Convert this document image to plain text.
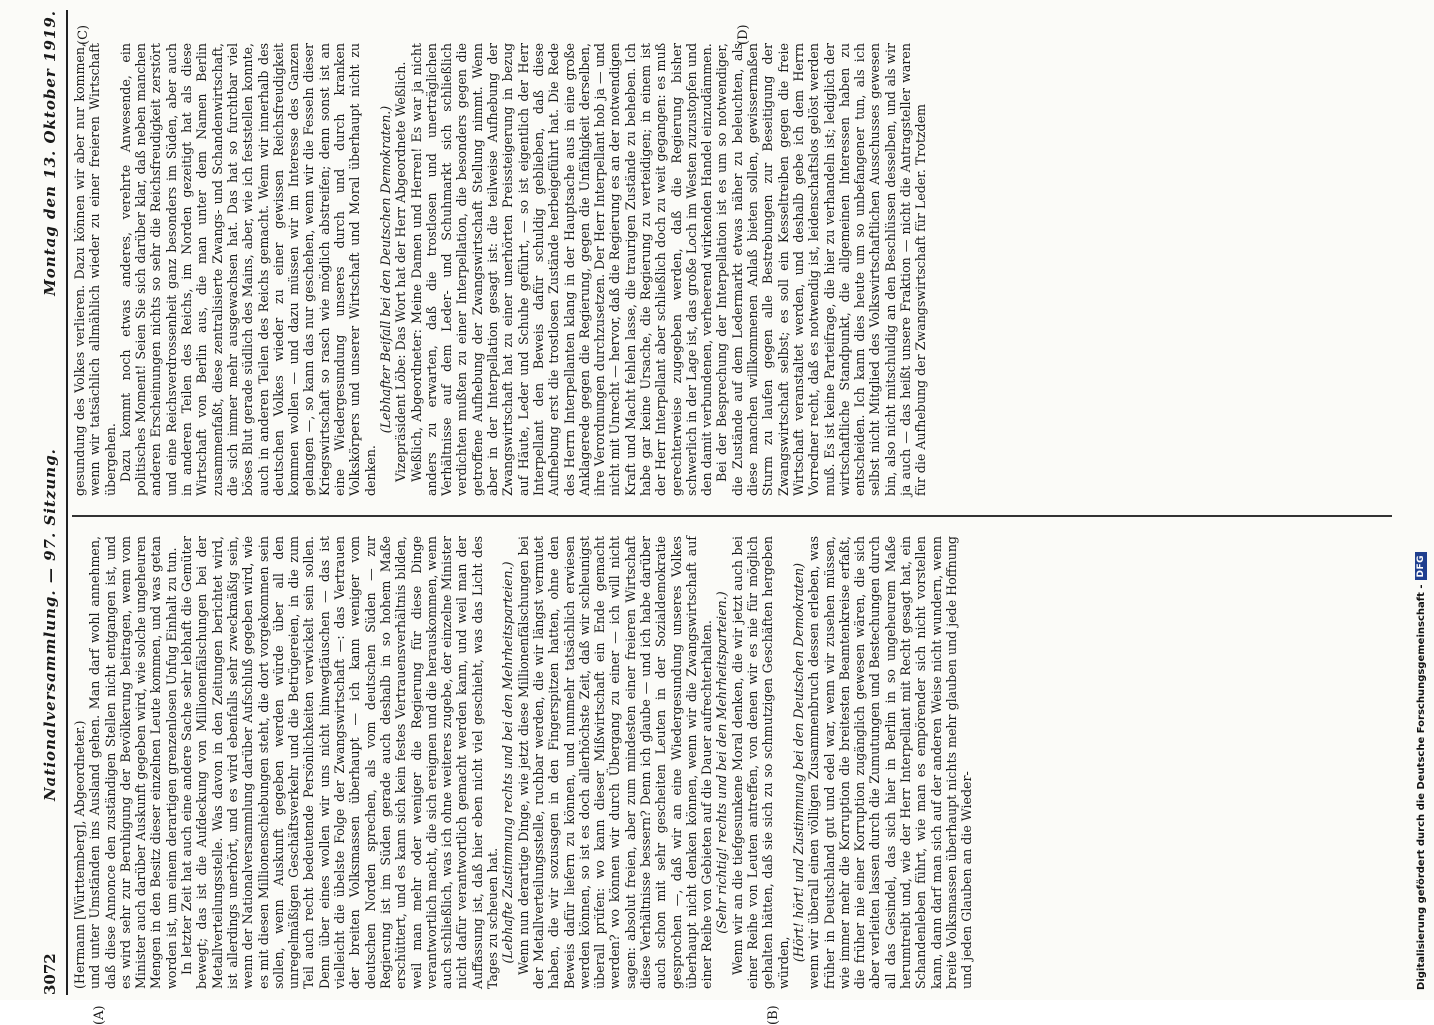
3072
Nationalversammlung. — 97. Sitzung.
Montag den 13. Oktober 1919.

(Hermann [Württemberg], Abgeordneter.) und unter Umständen ins Ausland gehen. Man darf wohl annehmen, daß diese Annonce den zuständigen Stellen nicht entgangen ist, und es wird sehr zur Beruhigung der Bevölkerung beitragen, wenn vom Minister auch darüber Auskunft gegeben wird, wie solche ungeheuren Mengen in den Besitz dieser einzelnen Leute kommen, und was getan worden ist, um einem derartigen grenzenlosen Unfug Einhalt zu tun. In letzter Zeit hat auch eine andere Sache sehr lebhaft die Gemüter bewegt; das ist die Aufdeckung von Millionenfälschungen bei der Metallverteilungsstelle. Was davon in den Zeitungen berichtet wird, ist allerdings unerhört, und es wird ebenfalls sehr zweckmäßig sein, wenn der Nationalversammlung darüber Aufschluß gegeben wird, wie es mit diesen Millionenschiebungen steht, die dort vorgekommen sein sollen, wenn Auskunft gegeben werden würde über all den unregelmäßigen Geschäftsverkehr und die Betrügereien, in die zum Teil auch recht bedeutende Persönlichkeiten verwickelt sein sollen. Denn über eines wollen wir uns nicht hinwegtäuschen — das ist vielleicht die übelste Folge der Zwangswirtschaft —: das Vertrauen der breiten Volksmassen überhaupt — ich kann weniger vom deutschen Norden sprechen, als vom deutschen Süden — zur Regierung ist im Süden gerade auch deshalb in so hohem Maße erschüttert, und es kann sich kein festes Vertrauensverhältnis bilden, weil man mehr oder weniger die Regierung für diese Dinge verantwortlich macht, die sich ereignen und die herauskommen, wenn auch schließlich, was ich ohne weiteres zugebe, der einzelne Minister nicht dafür verantwortlich gemacht werden kann, und weil man der Auffassung ist, daß hier eben nicht viel geschieht, was das Licht des Tages zu scheuen hat. (Lebhafte Zustimmung rechts und bei den Mehrheitsparteien.) Wenn nun derartige Dinge, wie jetzt diese Millionenfälschungen bei der Metallverteilungsstelle, ruchbar werden, die wir längst vermutet haben, die wir sozusagen in den Fingerspitzen hatten, ohne den Beweis dafür liefern zu können, und nunmehr tatsächlich erwiesen werden können, so ist es doch allerhöchste Zeit, daß wir schleunigst überall prüfen: wo kann dieser Mißwirtschaft ein Ende gemacht werden? wo können wir durch Übergang zu einer — ich will nicht sagen: absolut freien, aber zum mindesten einer freieren Wirtschaft diese Verhältnisse bessern? Denn ich glaube — und ich habe darüber auch schon mit sehr gescheiten Leuten in der Sozialdemokratie gesprochen —, daß wir an eine Wiedergesundung unseres Volkes überhaupt nicht denken können, wenn wir die Zwangswirtschaft auf einer Reihe von Gebieten auf die Dauer aufrechterhalten. (Sehr richtig! rechts und bei den Mehrheitsparteien.) Wenn wir an die tiefgesunkene Moral denken, die wir jetzt auch bei einer Reihe von Leuten antreffen, von denen wir es nie für möglich gehalten hätten, daß sie sich zu so schmutzigen Geschäften hergeben würden,

(Hört! hört! und Zustimmung bei den Deutschen Demokraten) wenn wir überall einen völligen Zusammenbruch dessen erleben, was früher in Deutschland gut und edel war, wenn wir zusehen müssen, wie immer mehr die Korruption die breitesten Beamtenkreise erfaßt, die früher nie einer Korruption zugänglich gewesen wären, die sich aber verleiten lassen durch die Zumutungen und Bestechungen durch all das Gesindel, das sich hier in Berlin in so ungeheurem Maße herumtreibt und, wie der Herr Interpellant mit Recht gesagt hat, ein Schandenleben führt, wie man es empörender sich nicht vorstellen kann, dann darf man sich auf der anderen Weise nicht wundern, wenn breite Volksmassen überhaupt nichts mehr glauben und jede Hoffnung und jeden Glauben an die Wieder-

gesundung des Volkes verlieren. Dazu können wir aber nur kommen, wenn wir tatsächlich allmählich wieder zu einer freieren Wirtschaft übergehen. Dazu kommt noch etwas anderes, verehrte Anwesende, ein politisches Moment! Seien Sie sich darüber klar, daß neben manchen anderen Erscheinungen nichts so sehr die Reichsfreudigkeit zerstört und eine Reichsverdrossenheit ganz besonders im Süden, aber auch in anderen Teilen des Reichs, im Norden gezeitigt hat als diese Wirtschaft von Berlin aus, die man unter dem Namen Berlin zusammenfaßt, diese zentralisierte Zwangs- und Schandenwirtschaft, die sich immer mehr ausgewachsen hat. Das hat so furchtbar viel böses Blut gerade südlich des Mains, aber, wie ich feststellen konnte, auch in anderen Teilen des Reichs gemacht. Wenn wir innerhalb des deutschen Volkes wieder zu einer gewissen Reichsfreudigkeit kommen wollen — und dazu müssen wir im Interesse des Ganzen gelangen —, so kann das nur geschehen, wenn wir die Fesseln dieser Kriegswirtschaft so rasch wie möglich abstreifen; denn sonst ist an eine Wiedergesundung unseres durch und durch kranken Volkskörpers und unserer Wirtschaft und Moral überhaupt nicht zu denken.

(Lebhafter Beifall bei den Deutschen Demokraten.) Vizepräsident Löbe: Das Wort hat der Herr Abgeordnete Weßlich. Weßlich, Abgeordneter: Meine Damen und Herren! Es war ja nicht anders zu erwarten, daß die trostlosen und unerträglichen Verhältnisse auf dem Leder- und Schuhmarkt sich schließlich verdichten mußten zu einer Interpellation, die besonders gegen die getroffene Aufhebung der Zwangswirtschaft Stellung nimmt. Wenn aber in der Interpellation gesagt ist: die teilweise Aufhebung der Zwangswirtschaft hat zu einer unerhörten Preissteigerung in bezug auf Häute, Leder und Schuhe geführt, — so ist eigentlich der Herr Interpellant den Beweis dafür schuldig geblieben, daß diese Aufhebung erst die trostlosen Zustände herbeigeführt hat. Die Rede des Herrn Interpellanten klang in der Hauptsache aus in eine große Anklagerede gegen die Regierung, gegen die Unfähigkeit derselben, ihre Verordnungen durchzusetzen. Der Herr Interpellant hob ja — und nicht mit Unrecht — hervor, daß die Regierung es an der notwendigen Kraft und Macht fehlen lasse, die traurigen Zustände zu beheben. Ich habe gar keine Ursache, die Regierung zu verteidigen; in einem ist der Herr Interpellant aber schließlich doch zu weit gegangen: es muß gerechterweise zugegeben werden, daß die Regierung bisher schwerlich in der Lage ist, das große Loch im Westen zuzustopfen und den damit verbundenen, verheerend wirkenden Handel einzudämmen. Bei der Besprechung der Interpellation ist es um so notwendiger, die Zustände auf dem Ledermarkt etwas näher zu beleuchten, als diese manchen willkommenen Anlaß bieten sollen, gewissermaßen Sturm zu laufen gegen alle Bestrebungen zur Beseitigung der Zwangswirtschaft selbst; es soll ein Kesseltreiben gegen die freie Wirtschaft veranstaltet werden, und deshalb gebe ich dem Herrn Vorredner recht, daß es notwendig ist, leidenschaftslos gelöst werden muß. Es ist keine Parteifrage, die hier zu verhandeln ist; lediglich der wirtschaftliche Standpunkt, die allgemeinen Interessen haben zu entscheiden. Ich kann dies heute um so unbefangener tun, als ich selbst nicht Mitglied des Volkswirtschaftlichen Ausschusses gewesen bin, also nicht mitschuldig an den Beschlüssen desselben, und als wir ja auch — das heißt unsere Fraktion — nicht die Antragsteller waren für die Aufhebung der Zwangswirtschaft für Leder. Trotzdem

(A)	(B)
(C)	(D)
Digitalisierung gefördert durch die Deutsche Forschungsgemeinschaft -
DFG
